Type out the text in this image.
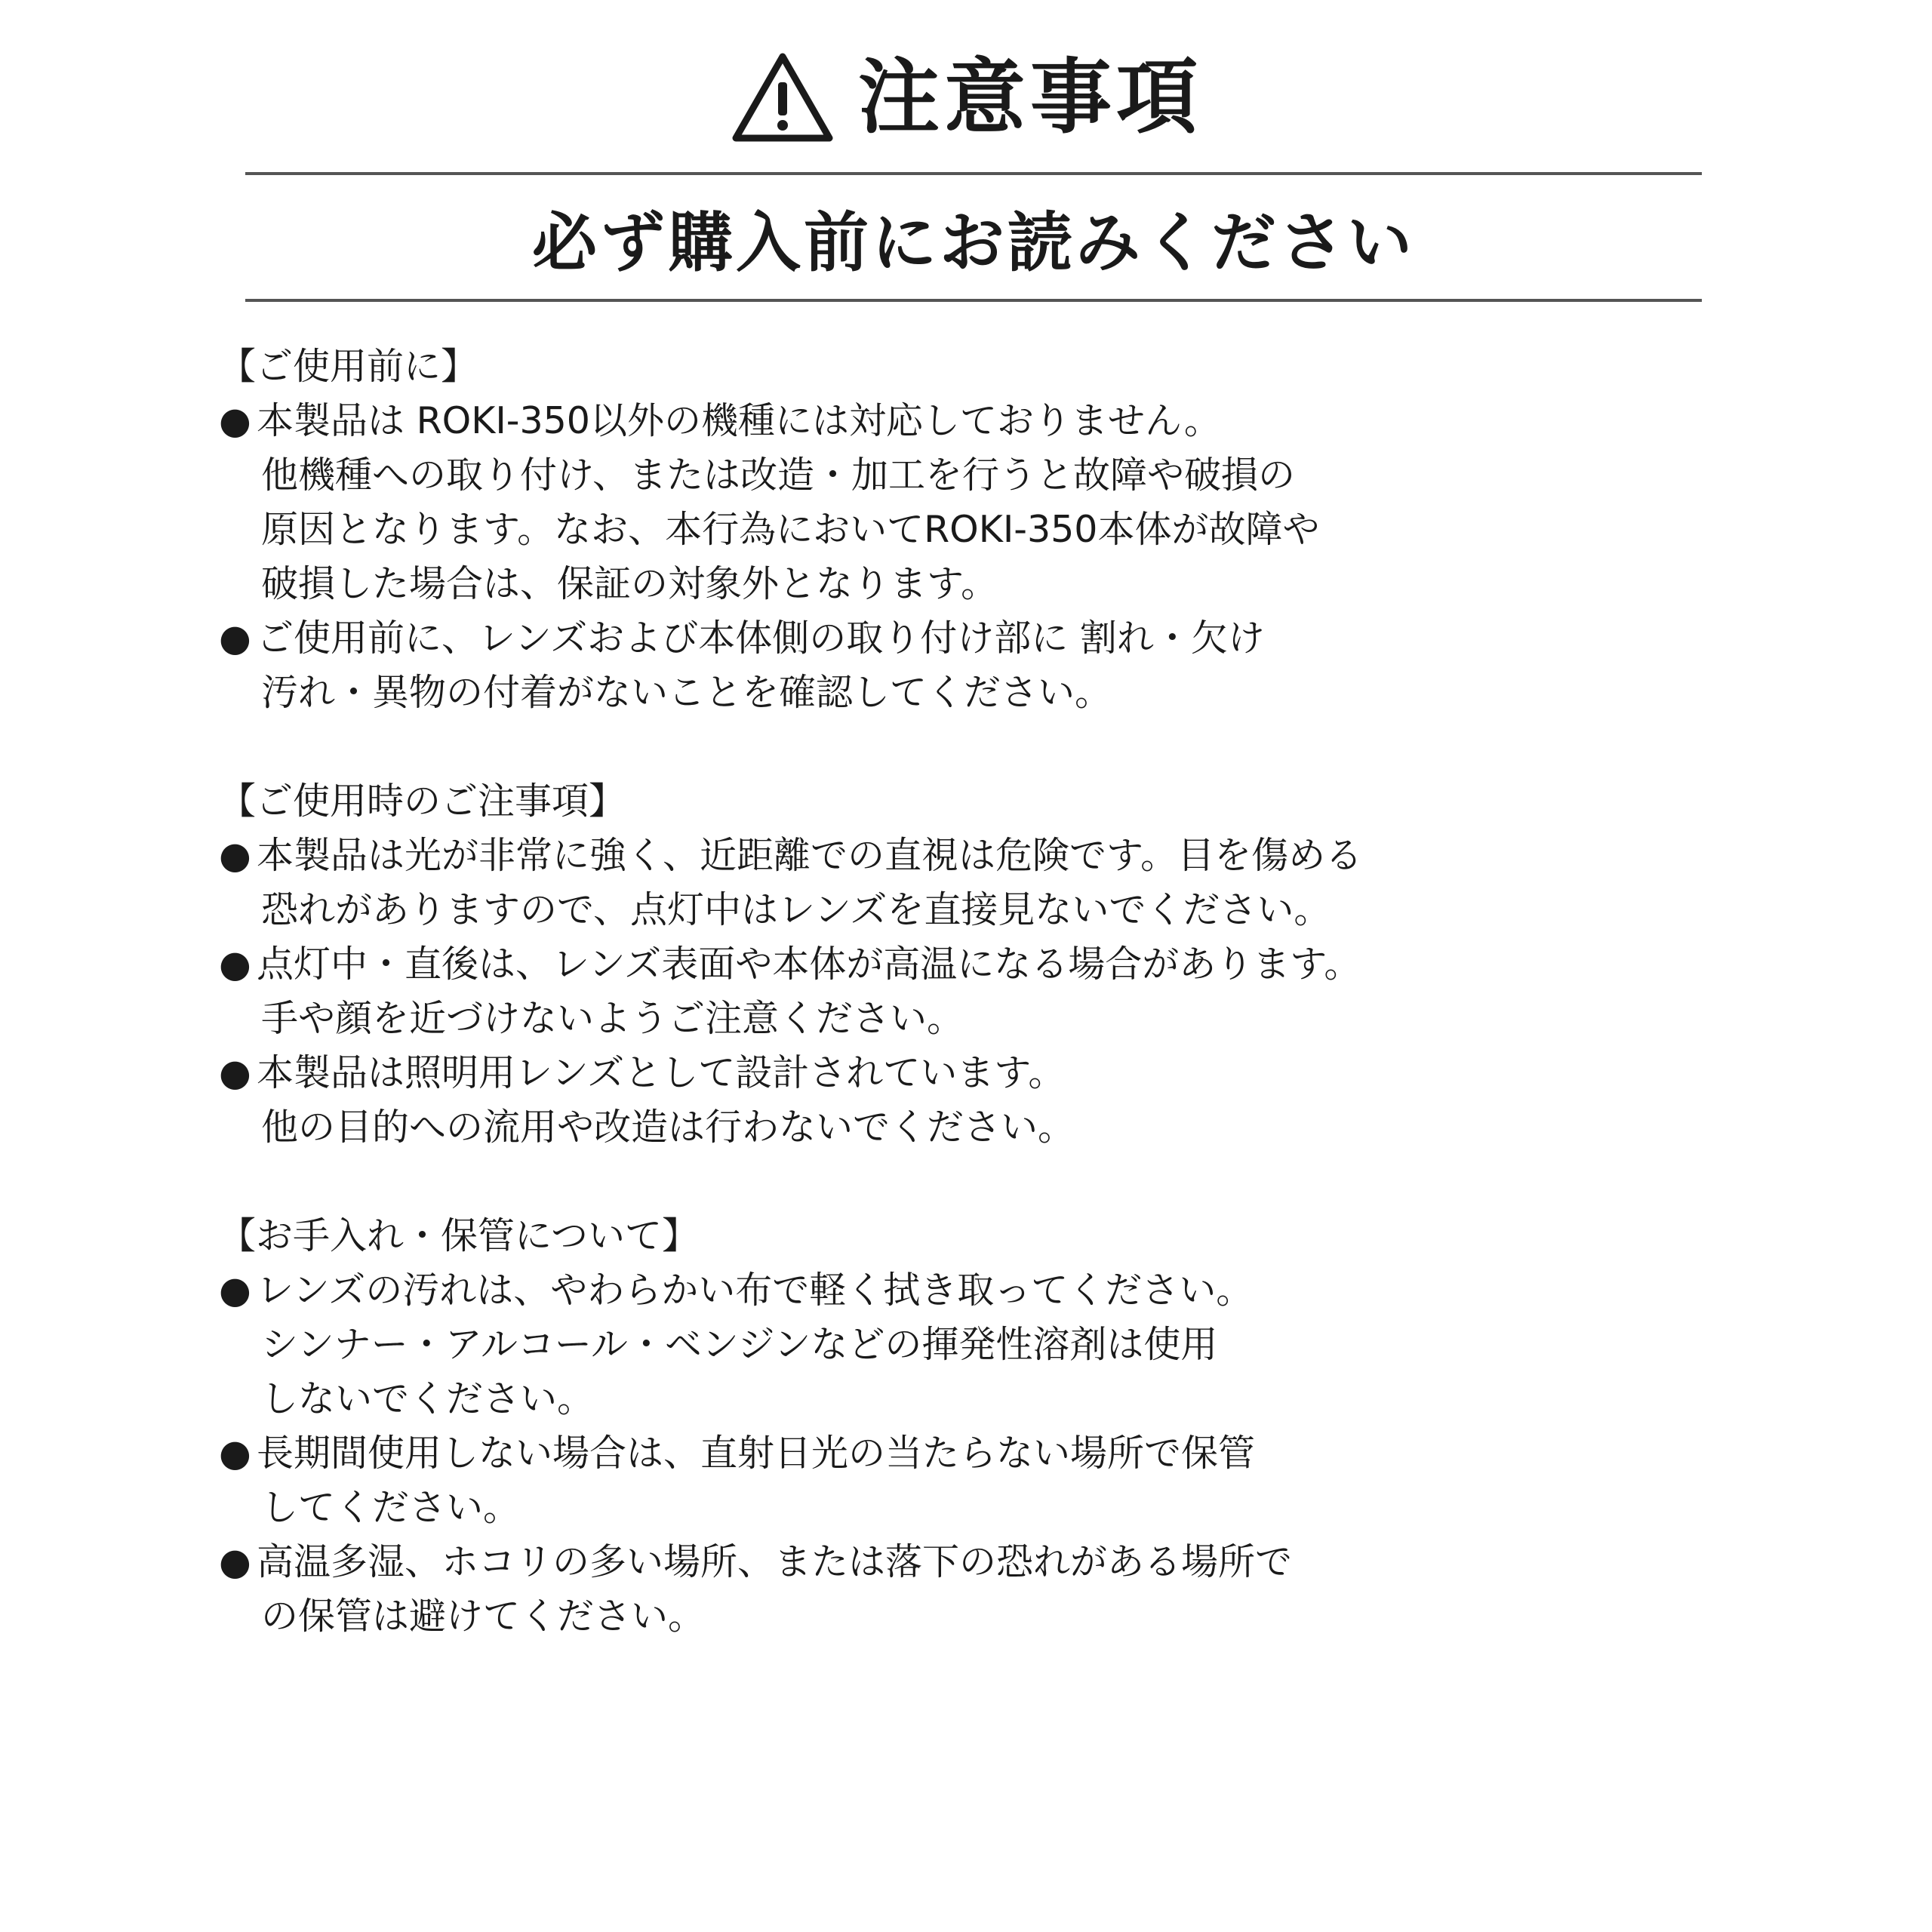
注意事項
必ず購入前にお読みください
【ご使用前に】
● 本製品は ROKI-350以外の機種には対応しておりません。
他機種への取り付け、または改造・加工を行うと故障や破損の
原因となります。なお、本行為においてROKI-350本体が故障や
破損した場合は、保証の対象外となります。
● ご使用前に、レンズおよび本体側の取り付け部に 割れ・欠け
汚れ・異物の付着がないことを確認してください。
【ご使用時のご注事項】
● 本製品は光が非常に強く、近距離での直視は危険です。目を傷める
恐れがありますので、点灯中はレンズを直接見ないでください。
● 点灯中・直後は、レンズ表面や本体が高温になる場合があります。
手や顔を近づけないようご注意ください。
● 本製品は照明用レンズとして設計されています。
他の目的への流用や改造は行わないでください。
【お手入れ・保管について】
● レンズの汚れは、やわらかい布で軽く拭き取ってください。
シンナー・アルコール・ベンジンなどの揮発性溶剤は使用
しないでください。
● 長期間使用しない場合は、直射日光の当たらない場所で保管
してください。
● 高温多湿、ホコリの多い場所、または落下の恐れがある場所で
の保管は避けてください。
